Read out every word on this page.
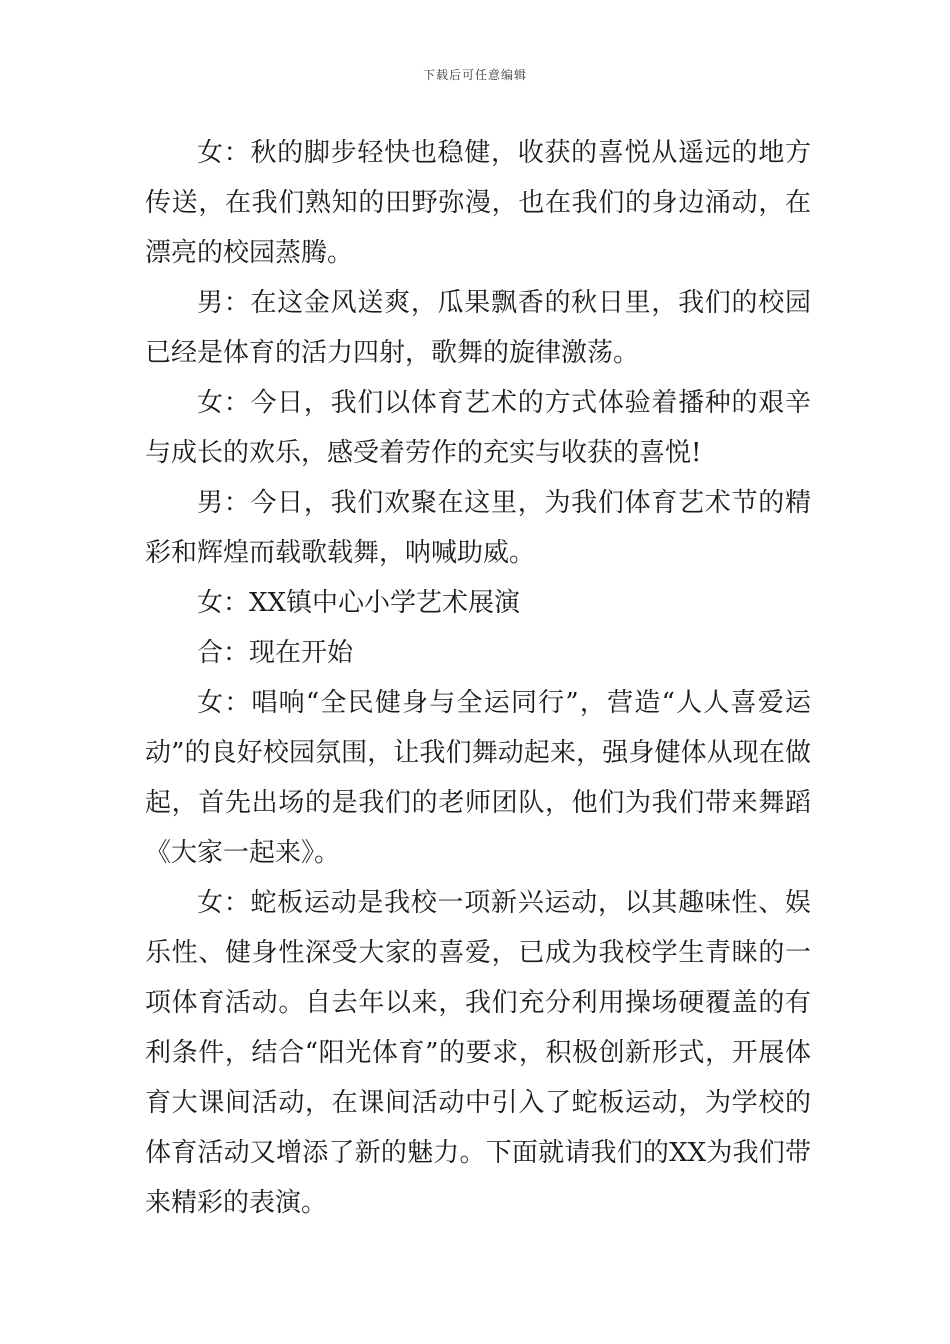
下载后可任意编辑

女：秋的脚步轻快也稳健，收获的喜悦从遥远的地方传送，在我们熟知的田野弥漫，也在我们的身边涌动，在漂亮的校园蒸腾。

男：在这金风送爽，瓜果飘香的秋日里，我们的校园已经是体育的活力四射，歌舞的旋律激荡。

女：今日，我们以体育艺术的方式体验着播种的艰辛与成长的欢乐，感受着劳作的充实与收获的喜悦!

男：今日，我们欢聚在这里，为我们体育艺术节的精彩和辉煌而载歌载舞，呐喊助威。

女：XX镇中心小学艺术展演

合：现在开始

女：唱响“全民健身与全运同行”，营造“人人喜爱运动”的良好校园氛围，让我们舞动起来，强身健体从现在做起，首先出场的是我们的老师团队，他们为我们带来舞蹈《大家一起来》。

女：蛇板运动是我校一项新兴运动，以其趣味性、娱乐性、健身性深受大家的喜爱，已成为我校学生青睐的一项体育活动。自去年以来，我们充分利用操场硬覆盖的有利条件，结合“阳光体育”的要求，积极创新形式，开展体育大课间活动，在课间活动中引入了蛇板运动，为学校的体育活动又增添了新的魅力。下面就请我们的XX为我们带来精彩的表演。
